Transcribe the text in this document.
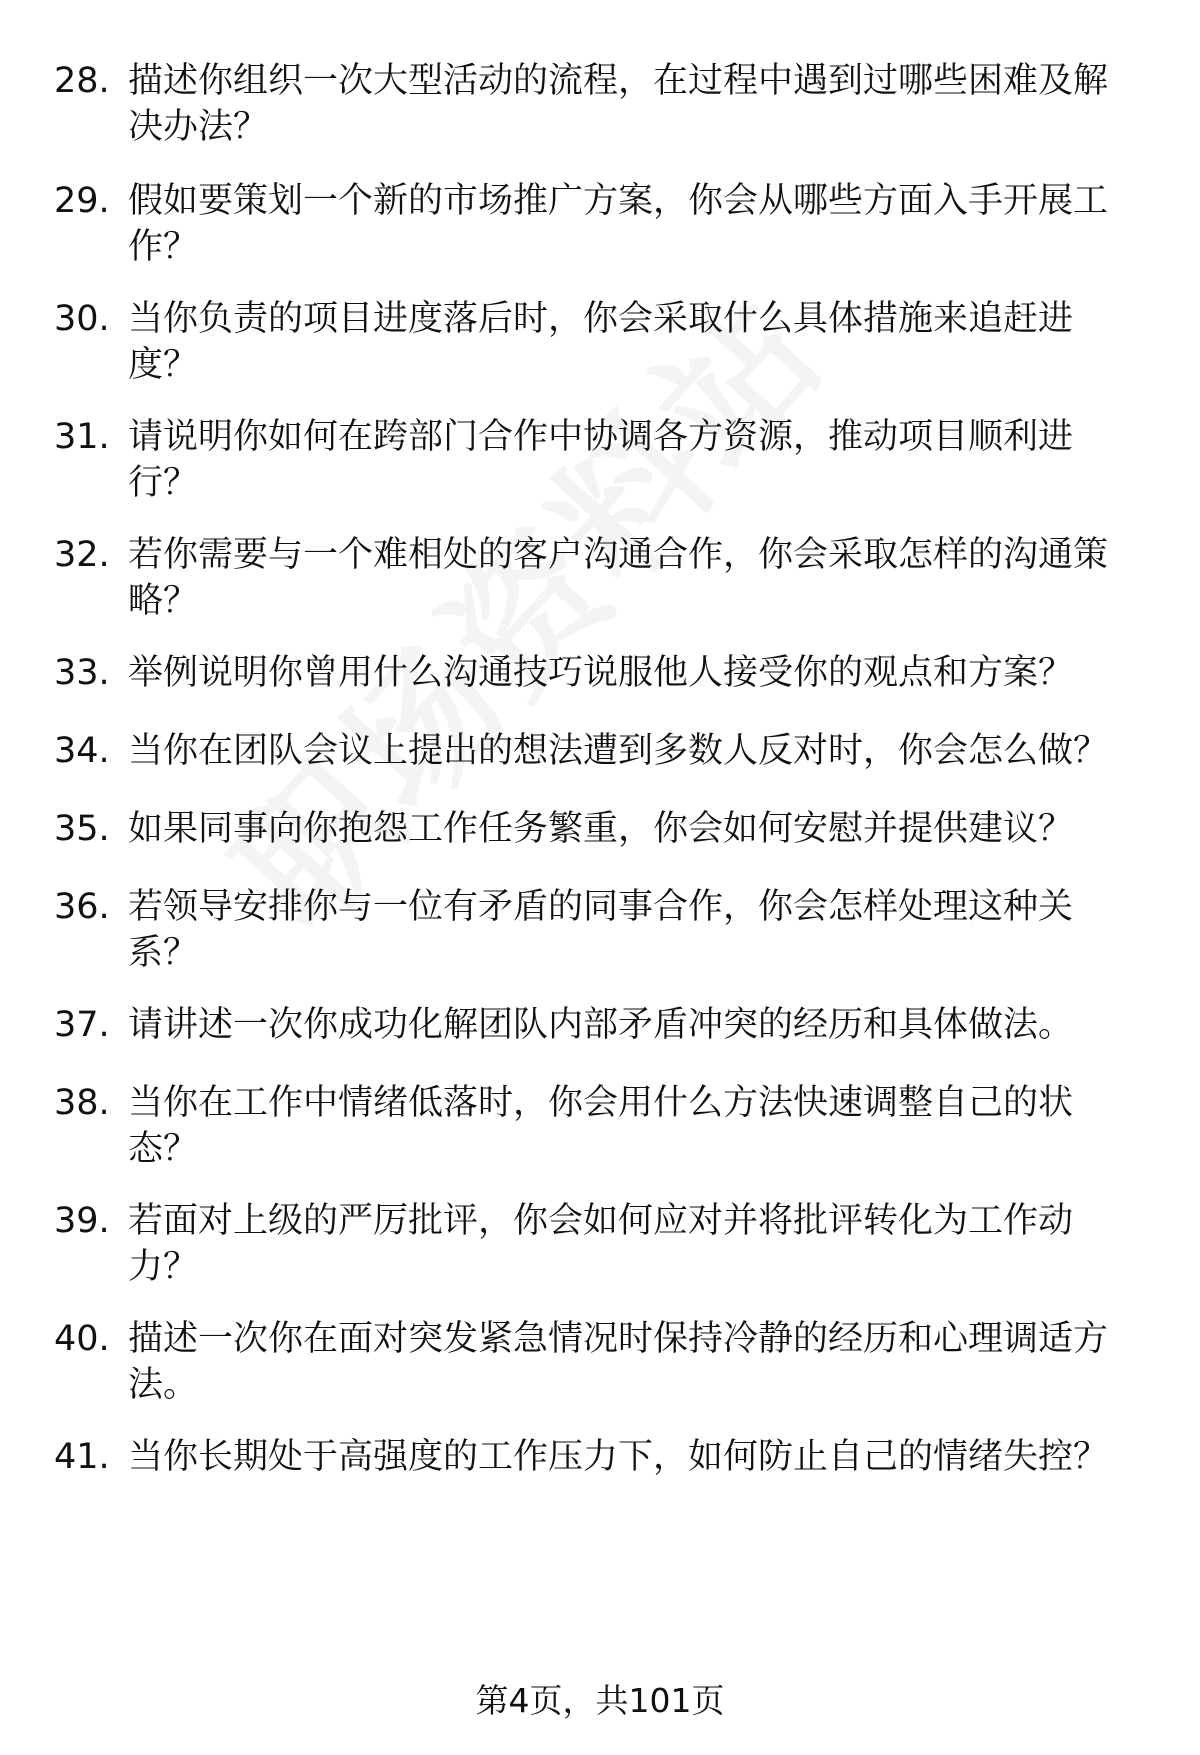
28. 描述你组织一次大型活动的流程，在过程中遇到过哪些困难及解
决办法？
29. 假如要策划一个新的市场推广方案，你会从哪些方面入手开展工
作？
30. 当你负责的项目进度落后时，你会采取什么具体措施来追赶进
度？
31. 请说明你如何在跨部门合作中协调各方资源，推动项目顺利进
行？
32. 若你需要与一个难相处的客户沟通合作，你会采取怎样的沟通策
略？
33. 举例说明你曾用什么沟通技巧说服他人接受你的观点和方案？
34. 当你在团队会议上提出的想法遭到多数人反对时，你会怎么做？
35. 如果同事向你抱怨工作任务繁重，你会如何安慰并提供建议？
36. 若领导安排你与一位有矛盾的同事合作，你会怎样处理这种关
系？
37. 请讲述一次你成功化解团队内部矛盾冲突的经历和具体做法。
38. 当你在工作中情绪低落时，你会用什么方法快速调整自己的状
态？
39. 若面对上级的严厉批评，你会如何应对并将批评转化为工作动
力？
40. 描述一次你在面对突发紧急情况时保持冷静的经历和心理调适方
法。
41. 当你长期处于高强度的工作压力下，如何防止自己的情绪失控？
第4页，共101页
